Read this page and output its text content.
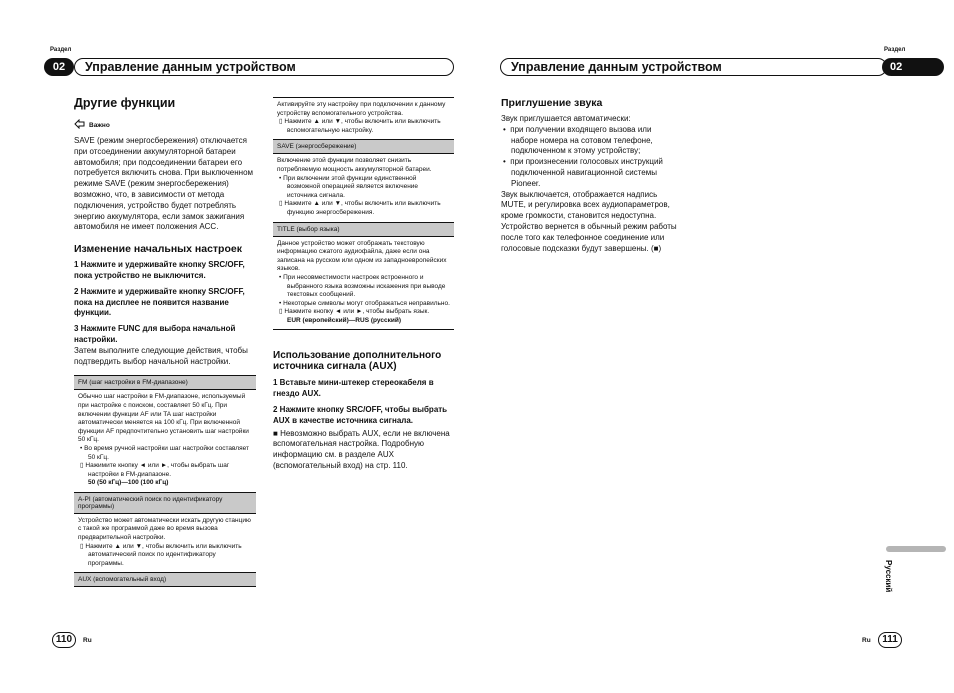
Раздел
02	Управление данным устройством
Другие функции
Важно
SAVE (режим энергосбережения) отключается при отсоединении аккумуляторной батареи автомобиля; при подсоединении батареи его потребуется включить снова. При выключенном режиме SAVE (режим энергосбережения) возможно, что, в зависимости от метода подключения, устройство будет потреблять энергию аккумулятора, если замок зажигания автомобиля не имеет положения ACC.
Изменение начальных настроек
1 Нажмите и удерживайте кнопку SRC/OFF, пока устройство не выключится.
2 Нажмите и удерживайте кнопку SRC/OFF, пока на дисплее не появится название функции.
3 Нажмите FUNC для выбора начальной настройки.
Затем выполните следующие действия, чтобы подтвердить выбор начальной настройки.
FM (шаг настройки в FM-диапазоне)
Обычно шаг настройки в FM-диапазоне, используемый при настройке с поиском, составляет 50 кГц. При включении функции AF или TA шаг настройки автоматически меняется на 100 кГц. При включенной функции AF предпочтительно установить шаг настройки 50 кГц.
• Во время ручной настройки шаг настройки составляет 50 кГц.
▯ Нажимите кнопку ◄ или ►, чтобы выбрать шаг настройки в FM-диапазоне.
50 (50 кГц)—100 (100 кГц)
A-PI (автоматический поиск по идентификатору программы)
Устройство может автоматически искать другую станцию с такой же программой даже во время вызова предварительной настройки.
▯ Нажмите ▲ или ▼, чтобы включить или выключить автоматический поиск по идентификатору программы.
AUX (вспомогательный вход)
Активируйте эту настройку при подключении к данному устройству вспомогательного устройства.
▯ Нажмите ▲ или ▼, чтобы включить или выключить вспомогательную настройку.
SAVE (энергосбережение)
Включение этой функции позволяет снизить потребляемую мощность аккумуляторной батареи.
• При включении этой функции единственной возможной операцией является включение источника сигнала.
▯ Нажмите ▲ или ▼, чтобы включить или выключить функцию энергосбережения.
TITLE (выбор языка)
Данное устройство может отображать текстовую информацию сжатого аудиофайла, даже если она записана на русском или одном из западноевропейских языков.
• При несовместимости настроек встроенного и выбранного языка возможны искажения при выводе текстовых сообщений.
• Некоторые символы могут отображаться неправильно.
▯ Нажмите кнопку ◄ или ►, чтобы выбрать язык.
EUR (европейский)—RUS (русский)
Использование дополнительного источника сигнала (AUX)
1 Вставьте мини-штекер стереокабеля в гнездо AUX.
2 Нажмите кнопку SRC/OFF, чтобы выбрать AUX в качестве источника сигнала.
■ Невозможно выбрать AUX, если не включена вспомогательная настройка. Подробную информацию см. в разделе AUX (вспомогательный вход) на стр. 110.
Раздел
Управление данным устройством	02
Приглушение звука
Звук приглушается автоматически:
•  при получении входящего вызова или наборе номера на сотовом телефоне, подключенном к этому устройству;
•  при произнесении голосовых инструкций подключенной навигационной системы Pioneer.
Звук выключается, отображается надпись MUTE, и регулировка всех аудиопараметров, кроме громкости, становится недоступна. Устройство вернется в обычный режим работы после того как телефонное соединение или голосовые подсказки будут завершены. (■)
Русский
110	Ru	Ru	111
